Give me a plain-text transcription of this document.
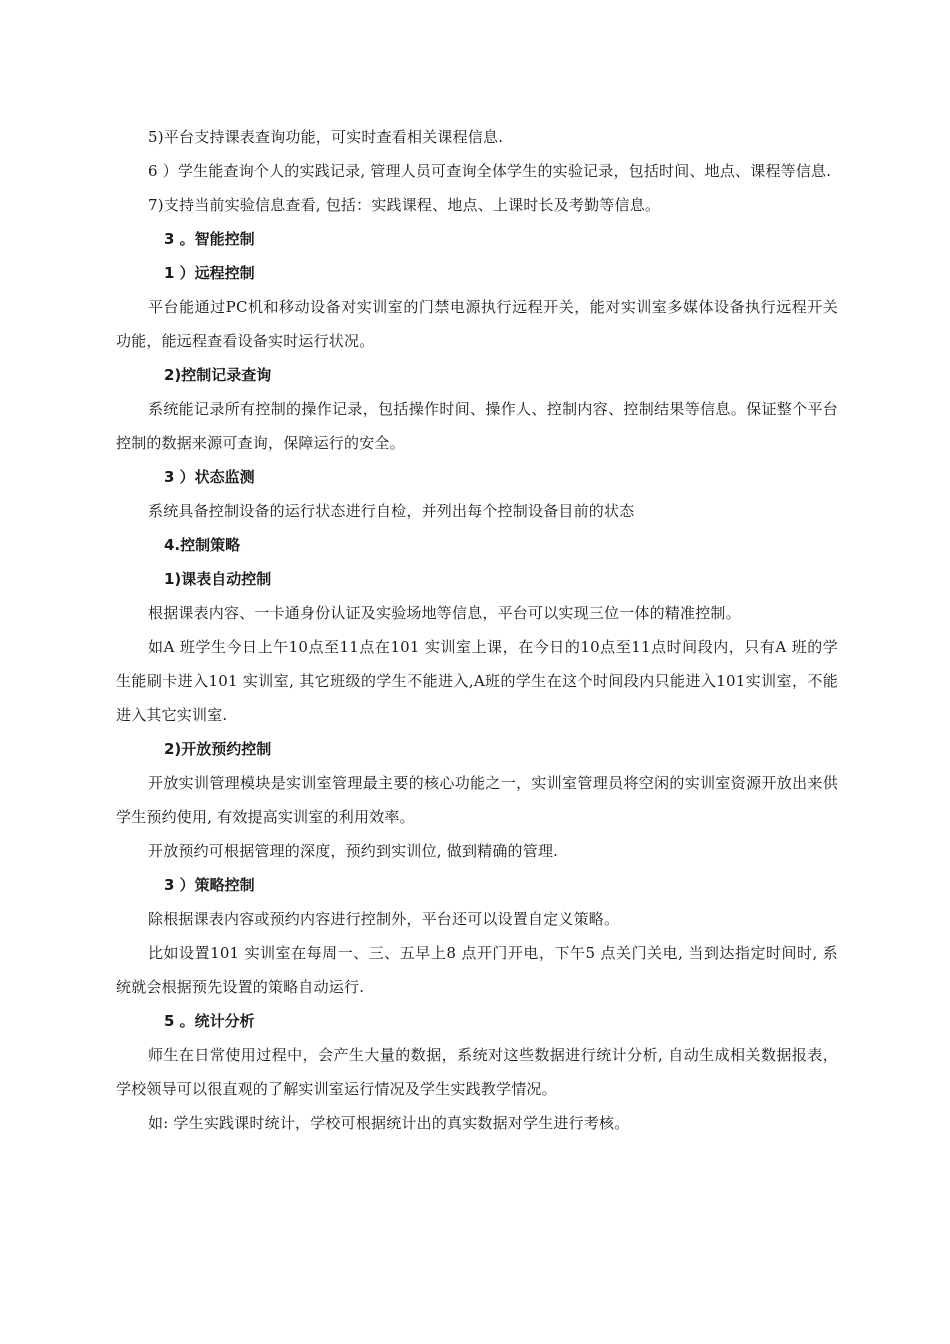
5)平台支持课表查询功能，可实时查看相关课程信息.

6 ）学生能查询个人的实践记录, 管理人员可查询全体学生的实验记录，包括时间、地点、课程等信息.

7)支持当前实验信息查看, 包括：实践课程、地点、上课时长及考勤等信息。

3 。智能控制

1 ）远程控制

平台能通过PC机和移动设备对实训室的门禁电源执行远程开关，能对实训室多媒体设备执行远程开关功能，能远程查看设备实时运行状况。

2)控制记录查询

系统能记录所有控制的操作记录，包括操作时间、操作人、控制内容、控制结果等信息。保证整个平台控制的数据来源可查询，保障运行的安全。

3 ）状态监测

系统具备控制设备的运行状态进行自检，并列出每个控制设备目前的状态

4.控制策略

1)课表自动控制

根据课表内容、一卡通身份认证及实验场地等信息，平台可以实现三位一体的精准控制。

如A 班学生今日上午10点至11点在101 实训室上课，在今日的10点至11点时间段内，只有A 班的学生能刷卡进入101 实训室, 其它班级的学生不能进入,A班的学生在这个时间段内只能进入101实训室，不能进入其它实训室.

2)开放预约控制

开放实训管理模块是实训室管理最主要的核心功能之一，实训室管理员将空闲的实训室资源开放出来供学生预约使用, 有效提高实训室的利用效率。

开放预约可根据管理的深度，预约到实训位, 做到精确的管理.

3 ）策略控制

除根据课表内容或预约内容进行控制外，平台还可以设置自定义策略。

比如设置101 实训室在每周一、三、五早上8 点开门开电，下午5 点关门关电, 当到达指定时间时, 系统就会根据预先设置的策略自动运行.

5 。统计分析

师生在日常使用过程中，会产生大量的数据，系统对这些数据进行统计分析, 自动生成相关数据报表，学校领导可以很直观的了解实训室运行情况及学生实践教学情况。

如: 学生实践课时统计，学校可根据统计出的真实数据对学生进行考核。
